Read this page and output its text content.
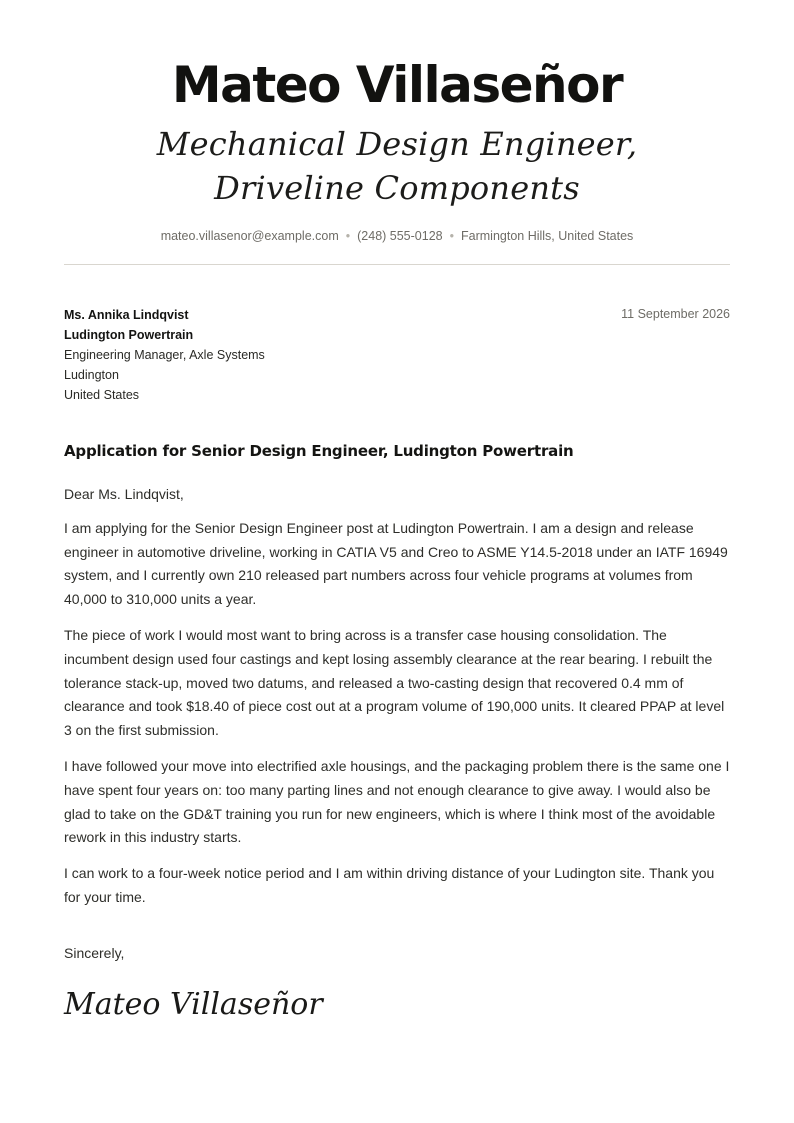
Mateo Villaseñor
Mechanical Design Engineer, Driveline Components
mateo.villasenor@example.com • (248) 555-0128 • Farmington Hills, United States
Ms. Annika Lindqvist
Ludington Powertrain
Engineering Manager, Axle Systems
Ludington
United States
11 September 2026
Application for Senior Design Engineer, Ludington Powertrain

Dear Ms. Lindqvist,

I am applying for the Senior Design Engineer post at Ludington Powertrain. I am a design and release engineer in automotive driveline, working in CATIA V5 and Creo to ASME Y14.5-2018 under an IATF 16949 system, and I currently own 210 released part numbers across four vehicle programs at volumes from 40,000 to 310,000 units a year.

The piece of work I would most want to bring across is a transfer case housing consolidation. The incumbent design used four castings and kept losing assembly clearance at the rear bearing. I rebuilt the tolerance stack-up, moved two datums, and released a two-casting design that recovered 0.4 mm of clearance and took $18.40 of piece cost out at a program volume of 190,000 units. It cleared PPAP at level 3 on the first submission.

I have followed your move into electrified axle housings, and the packaging problem there is the same one I have spent four years on: too many parting lines and not enough clearance to give away. I would also be glad to take on the GD&T training you run for new engineers, which is where I think most of the avoidable rework in this industry starts.

I can work to a four-week notice period and I am within driving distance of your Ludington site. Thank you for your time.

Sincerely,
Mateo Villaseñor
